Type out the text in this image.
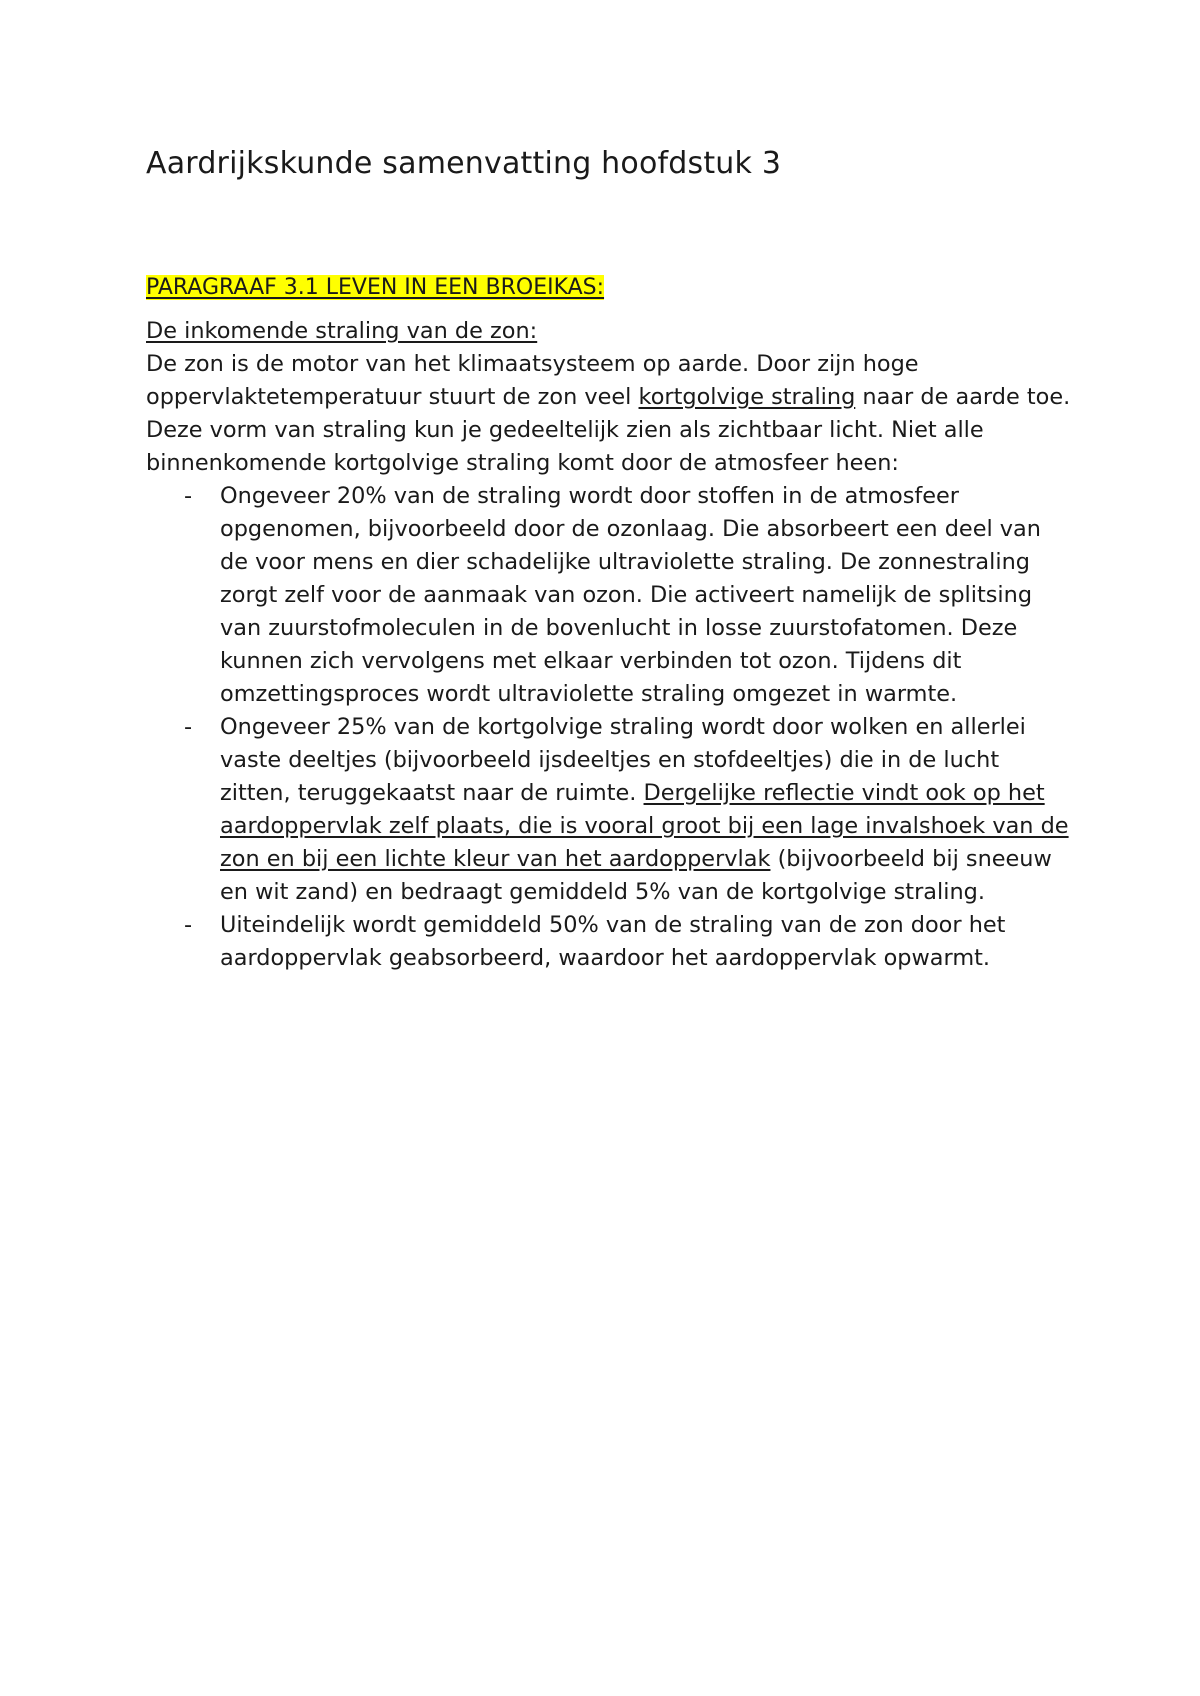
Aardrijkskunde samenvatting hoofdstuk 3
PARAGRAAF 3.1 LEVEN IN EEN BROEIKAS:
De inkomende straling van de zon:

De zon is de motor van het klimaatsysteem op aarde. Door zijn hoge oppervlaktetemperatuur stuurt de zon veel kortgolvige straling naar de aarde toe.

Deze vorm van straling kun je gedeeltelijk zien als zichtbaar licht. Niet alle binnenkomende kortgolvige straling komt door de atmosfeer heen:

- Ongeveer 20% van de straling wordt door stoffen in de atmosfeer opgenomen, bijvoorbeeld door de ozonlaag. Die absorbeert een deel van de voor mens en dier schadelijke ultraviolette straling. De zonnestraling zorgt zelf voor de aanmaak van ozon. Die activeert namelijk de splitsing van zuurstofmoleculen in de bovenlucht in losse zuurstofatomen. Deze kunnen zich vervolgens met elkaar verbinden tot ozon. Tijdens dit omzettingsproces wordt ultraviolette straling omgezet in warmte.
- Ongeveer 25% van de kortgolvige straling wordt door wolken en allerlei vaste deeltjes (bijvoorbeeld ijsdeeltjes en stofdeeltjes) die in de lucht zitten, teruggekaatst naar de ruimte. Dergelijke reflectie vindt ook op het aardoppervlak zelf plaats, die is vooral groot bij een lage invalshoek van de zon en bij een lichte kleur van het aardoppervlak (bijvoorbeeld bij sneeuw en wit zand) en bedraagt gemiddeld 5% van de kortgolvige straling.
- Uiteindelijk wordt gemiddeld 50% van de straling van de zon door het aardoppervlak geabsorbeerd, waardoor het aardoppervlak opwarmt.
